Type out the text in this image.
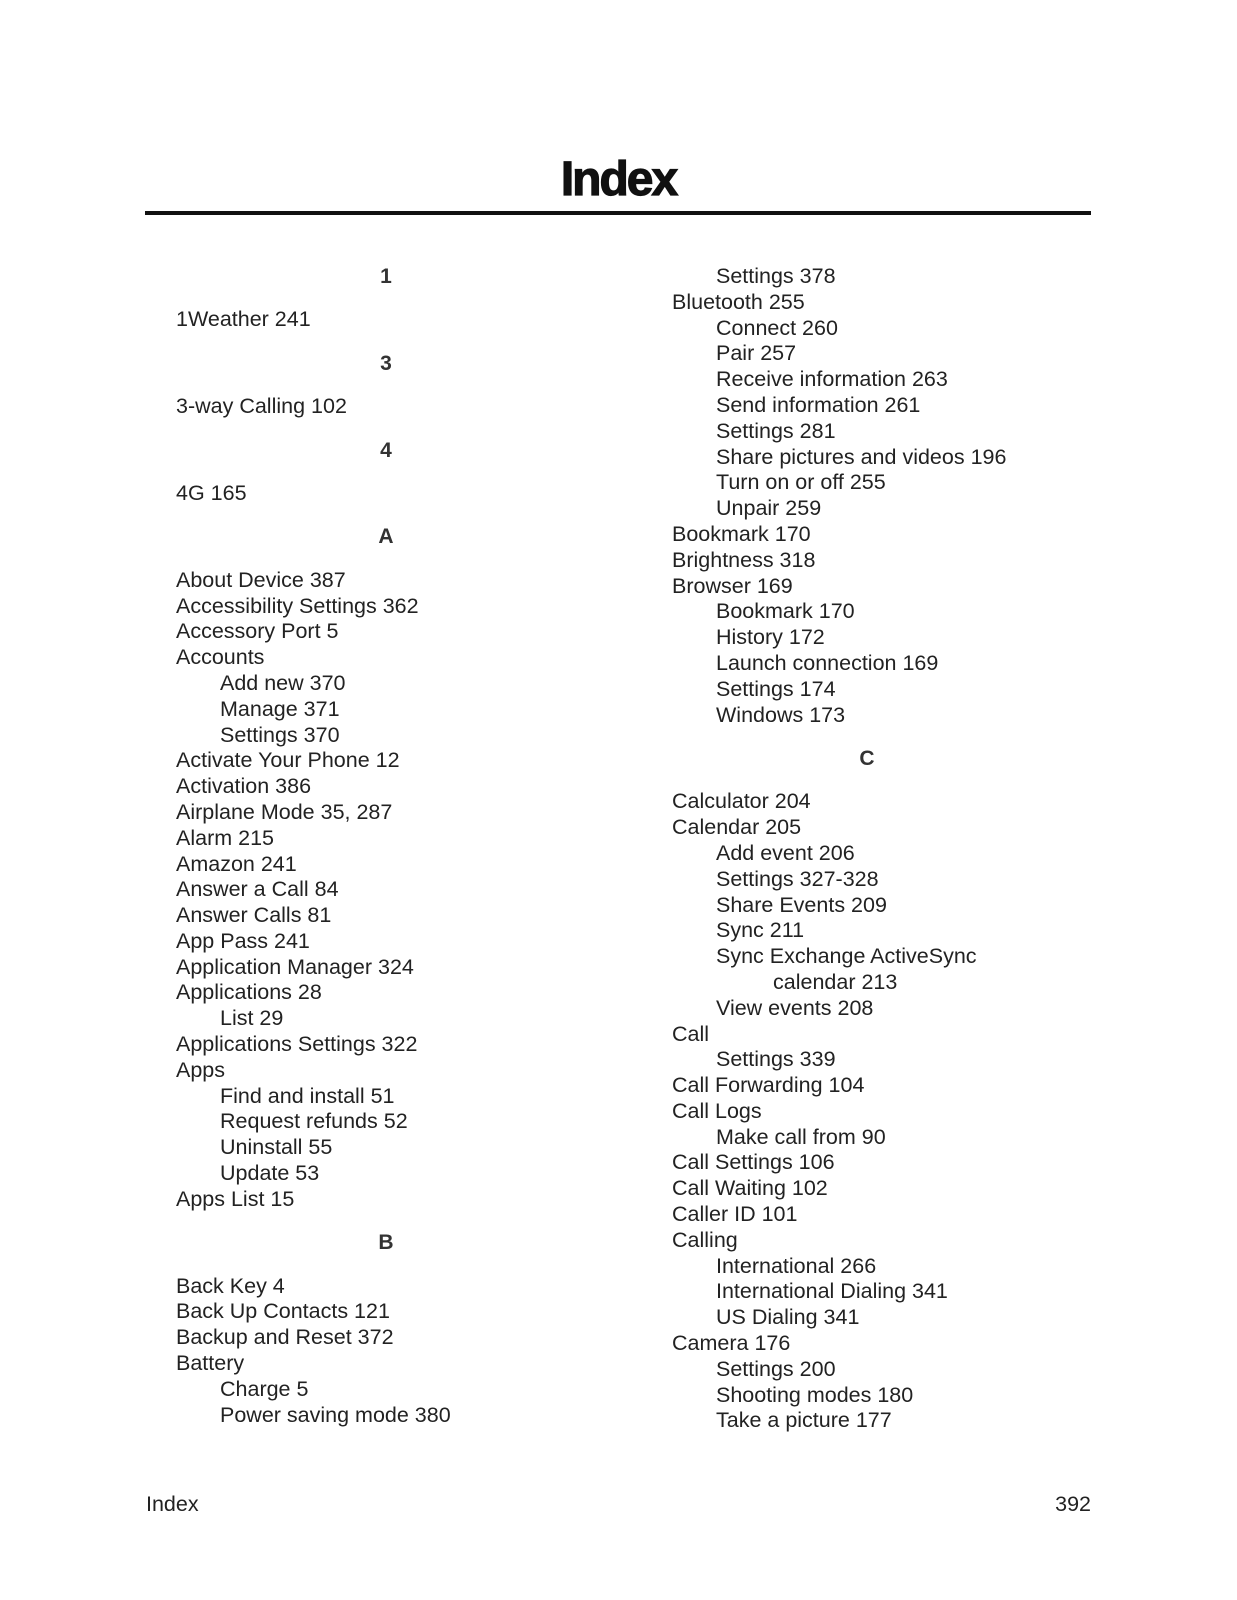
Index
1
1Weather 241
3
3-way Calling 102
4
4G 165
A
About Device 387
Accessibility Settings 362
Accessory Port 5
Accounts
Add new 370
Manage 371
Settings 370
Activate Your Phone 12
Activation 386
Airplane Mode 35, 287
Alarm 215
Amazon 241
Answer a Call 84
Answer Calls 81
App Pass 241
Application Manager 324
Applications 28
List 29
Applications Settings 322
Apps
Find and install 51
Request refunds 52
Uninstall 55
Update 53
Apps List 15
B
Back Key 4
Back Up Contacts 121
Backup and Reset 372
Battery
Charge 5
Power saving mode 380
Settings 378
Bluetooth 255
Connect 260
Pair 257
Receive information 263
Send information 261
Settings 281
Share pictures and videos 196
Turn on or off 255
Unpair 259
Bookmark 170
Brightness 318
Browser 169
Bookmark 170
History 172
Launch connection 169
Settings 174
Windows 173
C
Calculator 204
Calendar 205
Add event 206
Settings 327-328
Share Events 209
Sync 211
Sync Exchange ActiveSync
calendar 213
View events 208
Call
Settings 339
Call Forwarding 104
Call Logs
Make call from 90
Call Settings 106
Call Waiting 102
Caller ID 101
Calling
International 266
International Dialing 341
US Dialing 341
Camera 176
Settings 200
Shooting modes 180
Take a picture 177
Index	392
